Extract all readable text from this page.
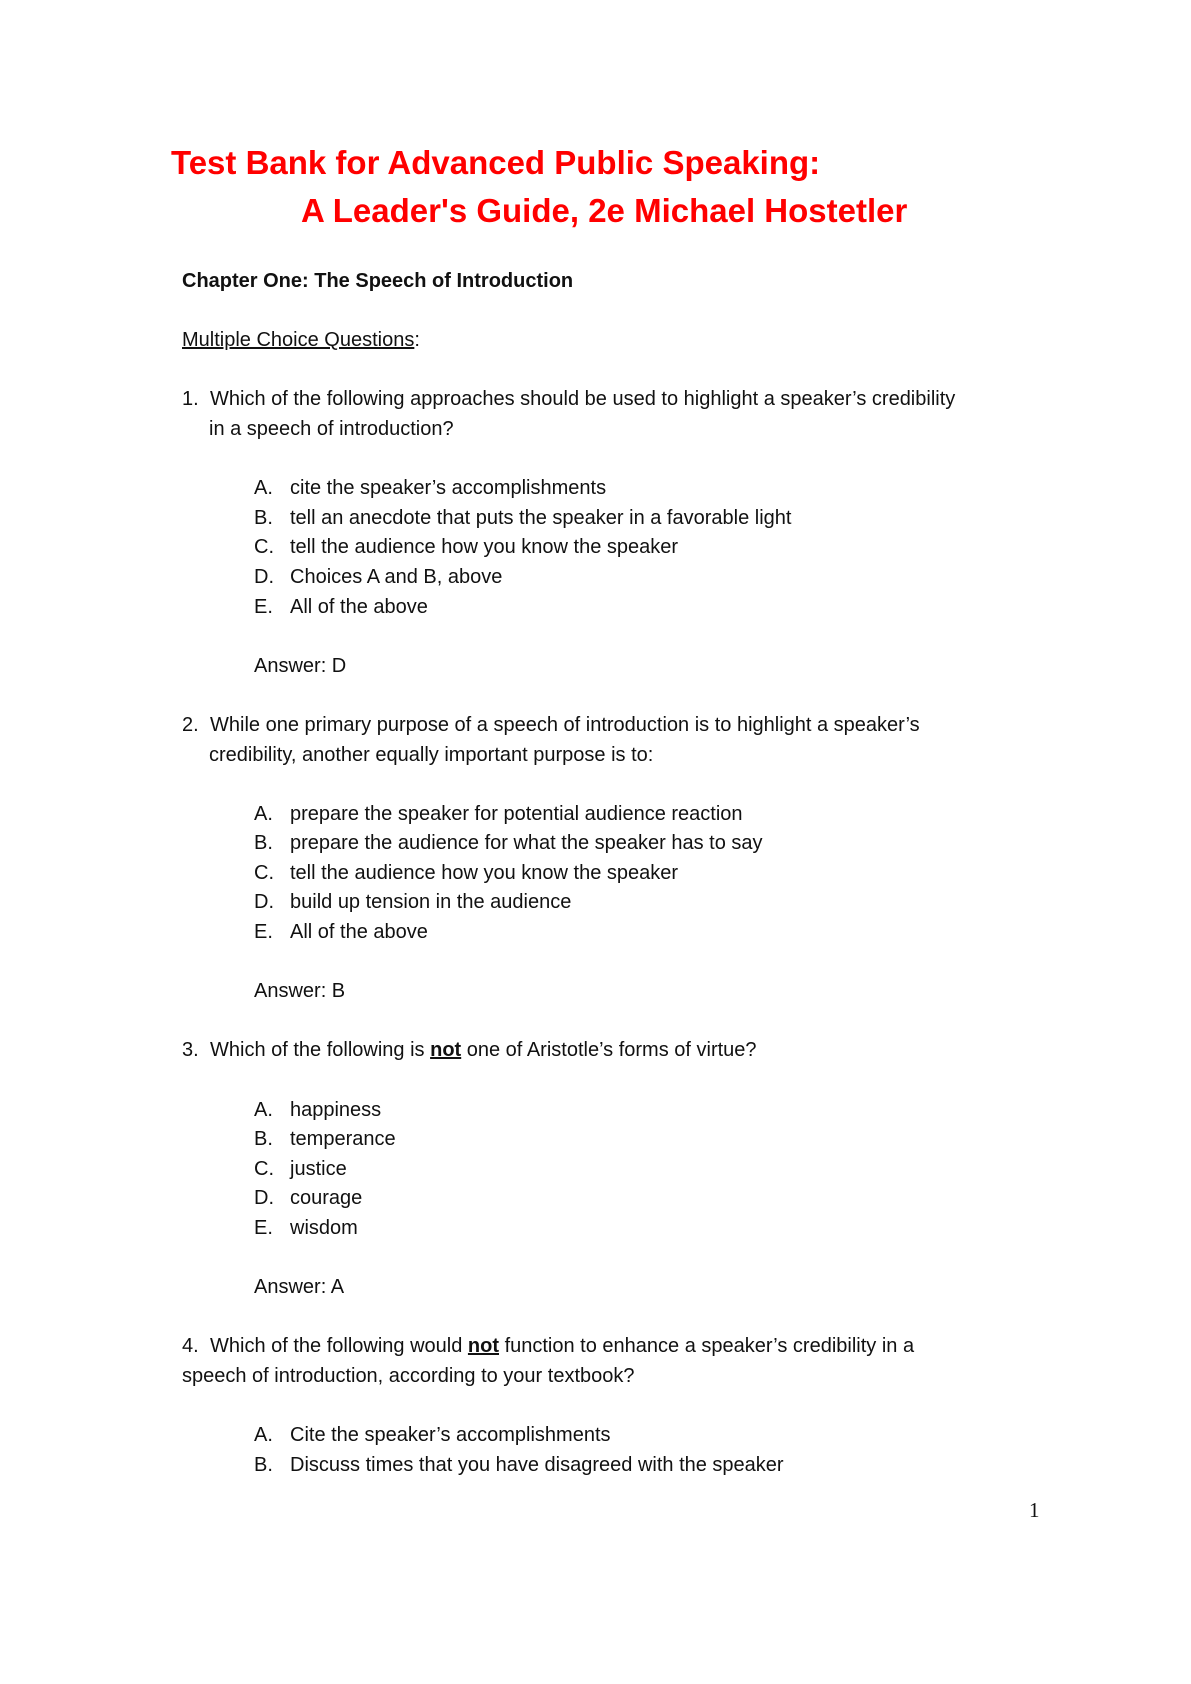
Test Bank for Advanced Public Speaking:
A Leader's Guide, 2e Michael Hostetler
Chapter One: The Speech of Introduction
Multiple Choice Questions:
1. Which of the following approaches should be used to highlight a speaker’s credibility
in a speech of introduction?
A. cite the speaker’s accomplishments
B. tell an anecdote that puts the speaker in a favorable light
C. tell the audience how you know the speaker
D. Choices A and B, above
E. All of the above
Answer: D
2. While one primary purpose of a speech of introduction is to highlight a speaker’s
credibility, another equally important purpose is to:
A. prepare the speaker for potential audience reaction
B. prepare the audience for what the speaker has to say
C. tell the audience how you know the speaker
D. build up tension in the audience
E. All of the above
Answer: B
3. Which of the following is not one of Aristotle’s forms of virtue?
A. happiness
B. temperance
C. justice
D. courage
E. wisdom
Answer: A
4. Which of the following would not function to enhance a speaker’s credibility in a
speech of introduction, according to your textbook?
A. Cite the speaker’s accomplishments
B. Discuss times that you have disagreed with the speaker
1
